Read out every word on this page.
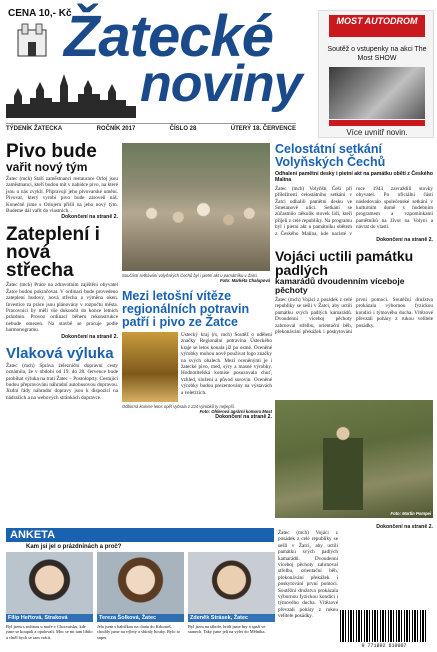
CENA 10,- Kč
Žatecké
noviny
TÝDENÍK ŽATECKA	ROČNÍK 2017	ČÍSLO 28	ÚTERÝ 18. ČERVENCE
MOST AUTODROM
Soutěž o vstupenky na akci The Most SHOW
Více uvnitř novin.
Pivo bude
vařit nový tým

Žatec (mch) Staří zaměstnanci restaurace Orloj jsou zaměstnanci, kteří budou mít v nabídce pivo, na které jsou u nás zvyklí. Připravují jeho pivovarské umění. Pivovar, který vyrobí pivo bude zároveň náš. Konečně jsme s Orlojem přišli na jeho nový tým. Budeme dál vařit do vlastních...

Dokončení na straně 2.
Zateplení i
nová střecha

Žatec (mch) Práce na zdravotním zajištění obyvatel Žatce budou pokračovat. V ordinaci bude provedeno zateplení budovy, nová střecha a výměna oken. Investice za práce jsou plánovány v rozpočtu města. Pracovníci by měli vše dokončit do konce letních prázdnin. Provoz ordinací během rekonstrukce nebude omezen. Na stavbě se pracuje podle harmonogramu.

Dokončení na straně 2.
Vlaková výluka

Žatec (mch) Správa železniční dopravní cesty oznámila, že v období od 19. do 28. července bude probíhat výluka na trati Žatec – Postoloprty. Cestující budou přepravováni náhradní autobusovou dopravou. Jízdní řády náhradní dopravy jsou k dispozici na nádražích a na webových stránkách dopravce.

Součástí setkávání volyňských Čechů byl i pietní akt u památníku v Žatci.

Foto: Markéta Chalupová
Mezi letošní vítěze regionálních potravin patří i pivo ze Žatce

Ústecký kraj (rs, mch) Soutěž o udělení značky Regionální potravina Ústeckého kraje se letos konala již po osmé. Oceněné výrobky mohou nově používat logo značky na svých obalech. Mezi oceněnými je i žatecké pivo, med, sýry a masné výrobky. Hodnotitelská komise posuzovala chuť, vzhled, složení a původ surovin. Oceněné výrobky budou prezentovány na výstavách a veletrzích.

Odborná komise letos opět vybrala z 224 výrobků ty nejlepší.

Foto: Ohlerová agrární komora Most
Dokončení na straně 2.
Celostátní setkání Volyňských Čechů

Odhalení pamětní desky i pietní akt na památku obětí z Českého Malína

Žatec (mch) Volyňští Češi při příležitosti celostátního setkání v Žatci odhalili pamětní desku ve Smetanově ulici. Setkání se zúčastnilo několik stovek lidí, kteří přijeli z celé republiky. Na programu byl i pietní akt u památníku obětem z Českého Malína, kde nacisté v roce 1943 zavraždili stovky obyvatel. Po oficiální části následovalo společenské setkání v kulturním domě s hudebním programem a vzpomínkami pamětníků na život na Volyni a návrat do vlasti.

Dokončení na straně 2.
Vojáci uctili památku padlých
kamarádů dvoudenním víceboje pěchoty

Žatec (mch) Vojáci z posádek z celé republiky se sešli v Žatci, aby uctili památku svých padlých kamarádů. Dvoudenní víceboj pěchoty zahrnoval střelbu, orientační běh, překonávání překážek i poskytování první pomoci. Soutěžní družstva prokázala výbornou fyzickou kondici i týmového ducha. Vítězové převzali poháry z rukou velitele posádky.

Foto: Martin Pompei
Dokončení na straně 2.
ANKETA
Kam jsi jel o prázdninách a proč?
Filip Heřtová, Straková

Byl jsem s rodinou u moře v Chorvatsku, kde jsme se koupali a opalovali. Moc se mi tam líbilo a chtěl bych se tam vrátit.

Tereza Šolková, Žatec

Jela jsem s babičkou na chatu do Krkonoš, chodily jsme na výlety a sbíraly houby. Bylo to super.

Zdeněk Strásek, Žatec

Byl jsem na táboře, hráli jsme hry a spali ve stanech. Taky jsme jeli na výlet do Mělníka.

Žatec (mch) Vojáci z posádek z celé republiky se sešli v Žatci, aby uctili památku svých padlých kamarádů. Dvoudenní víceboj pěchoty zahrnoval střelbu, orientační běh, překonávání překážek i poskytování první pomoci. Soutěžní družstva prokázala výbornou fyzickou kondici i týmového ducha. Vítězové převzali poháry z rukou velitele posádky.

9 771802 610007
